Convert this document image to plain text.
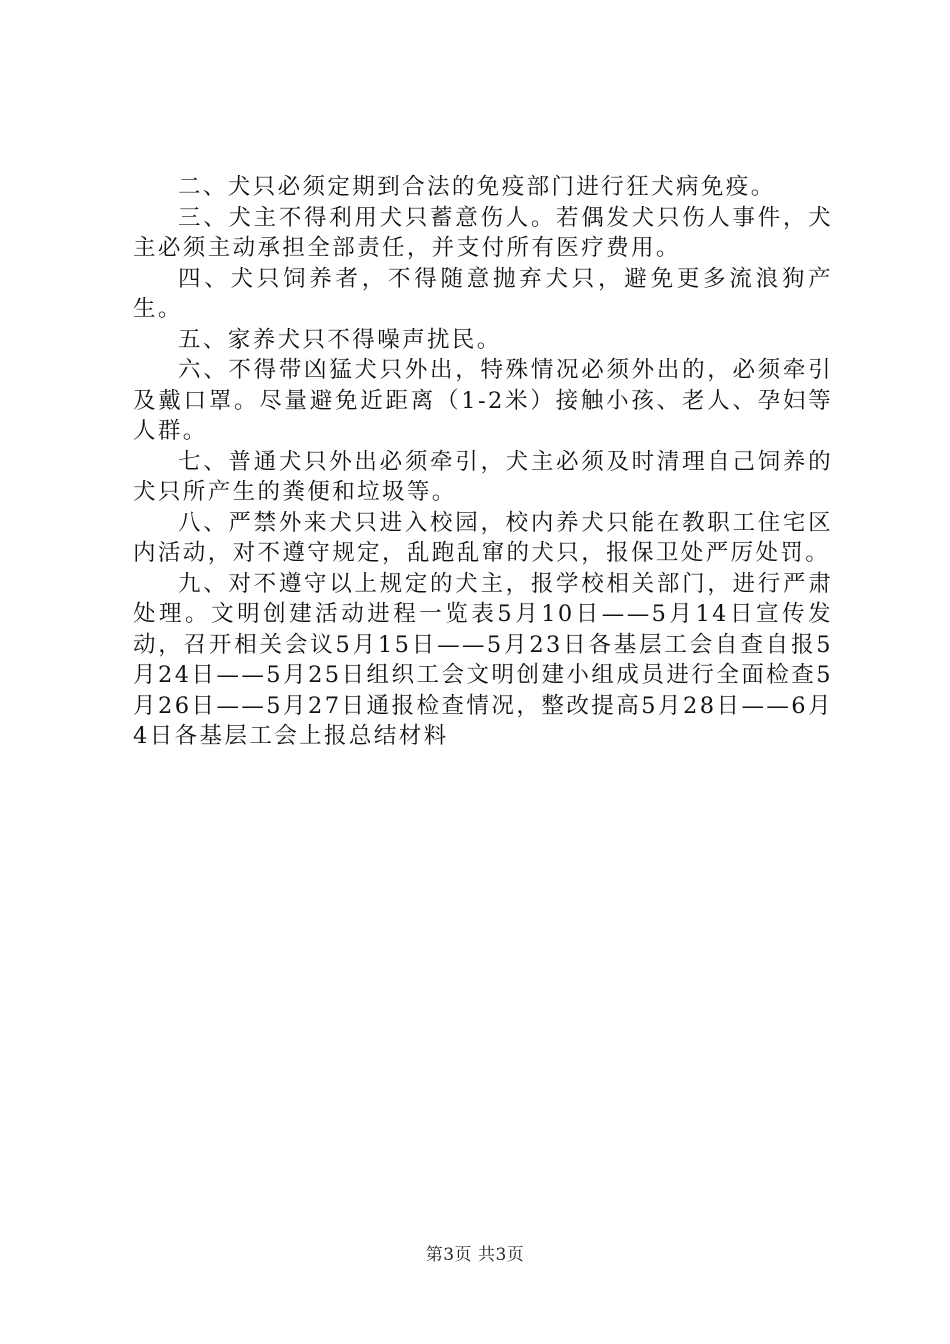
二、犬只必须定期到合法的免疫部门进行狂犬病免疫。

三、犬主不得利用犬只蓄意伤人。若偶发犬只伤人事件，犬主必须主动承担全部责任，并支付所有医疗费用。

四、犬只饲养者，不得随意抛弃犬只，避免更多流浪狗产生。

五、家养犬只不得噪声扰民。

六、不得带凶猛犬只外出，特殊情况必须外出的，必须牵引及戴口罩。尽量避免近距离（1-2米）接触小孩、老人、孕妇等人群。

七、普通犬只外出必须牵引，犬主必须及时清理自己饲养的犬只所产生的粪便和垃圾等。

八、严禁外来犬只进入校园，校内养犬只能在教职工住宅区内活动，对不遵守规定，乱跑乱窜的犬只，报保卫处严厉处罚。

九、对不遵守以上规定的犬主，报学校相关部门，进行严肃处理。文明创建活动进程一览表5月10日——5月14日宣传发动，召开相关会议5月15日——5月23日各基层工会自查自报5月24日——5月25日组织工会文明创建小组成员进行全面检查5月26日——5月27日通报检查情况，整改提高5月28日——6月4日各基层工会上报总结材料

第3页 共3页
